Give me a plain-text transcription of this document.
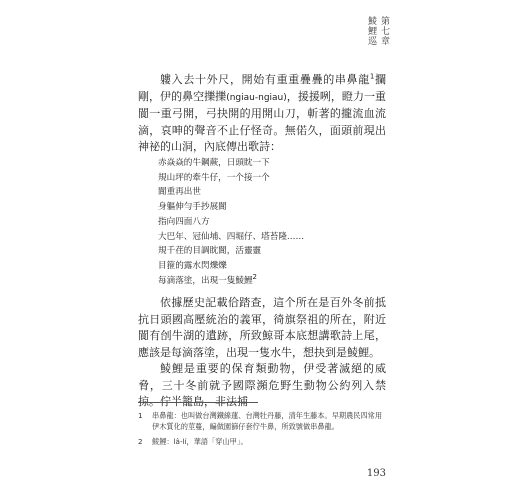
第七章
鯪鯉巡

軁入去十外尺，開始有重重疊疊的串鼻龍$^1$攔剛，伊的鼻空擽擽(ngiau-ngiau)，援援咧，瞪力一重閬一重弓開，弓抉開的用開山刀，斬著的攏流血流滴，哀呻的聲音不止仔怪奇。無偌久，面頭前現出神祕的山洞，內底傳出歌詩：

赤焱焱的牛鋼蕨，日頭眈一下
規山坪的牽牛仔，一个接一个
閬重再出世
身軀伸勻手抄展閬
指向四面八方
大巴年、冠仙埔、四堀仔、塔苔隆……
規千荏的目調眈閬，活靈靈
目箍的露水閃爍爍
每滴落塗，出現一隻鯪鯉$^2$

依據歷史記載佮踏查，這个所在是百外冬前抵抗日頭國高壓統治的義軍，徛旗祭祖的所在，附近閬有刣牛湖的遺跡，所致鯨哥本底想講歌詩上尾，應該是每滴落塗，出現一隻水牛，想抉到是鯪鯉。

鯪鯉是重要的保育類動物，伊受著滅絕的威脅，三十冬前就予國際瀕危野生動物公約列入禁掠。佇半籠島，非法捕

1	串鼻龍：也叫做台灣鐵線蓮、台灣牡丹藤，清年生藤本。早期農民四常用伊木質化的莖蔓，編做園篩仔套佇牛鼻，所致號做串鼻龍。
2	鯪鯉：lâ-lí，華語「穿山甲」。
193
